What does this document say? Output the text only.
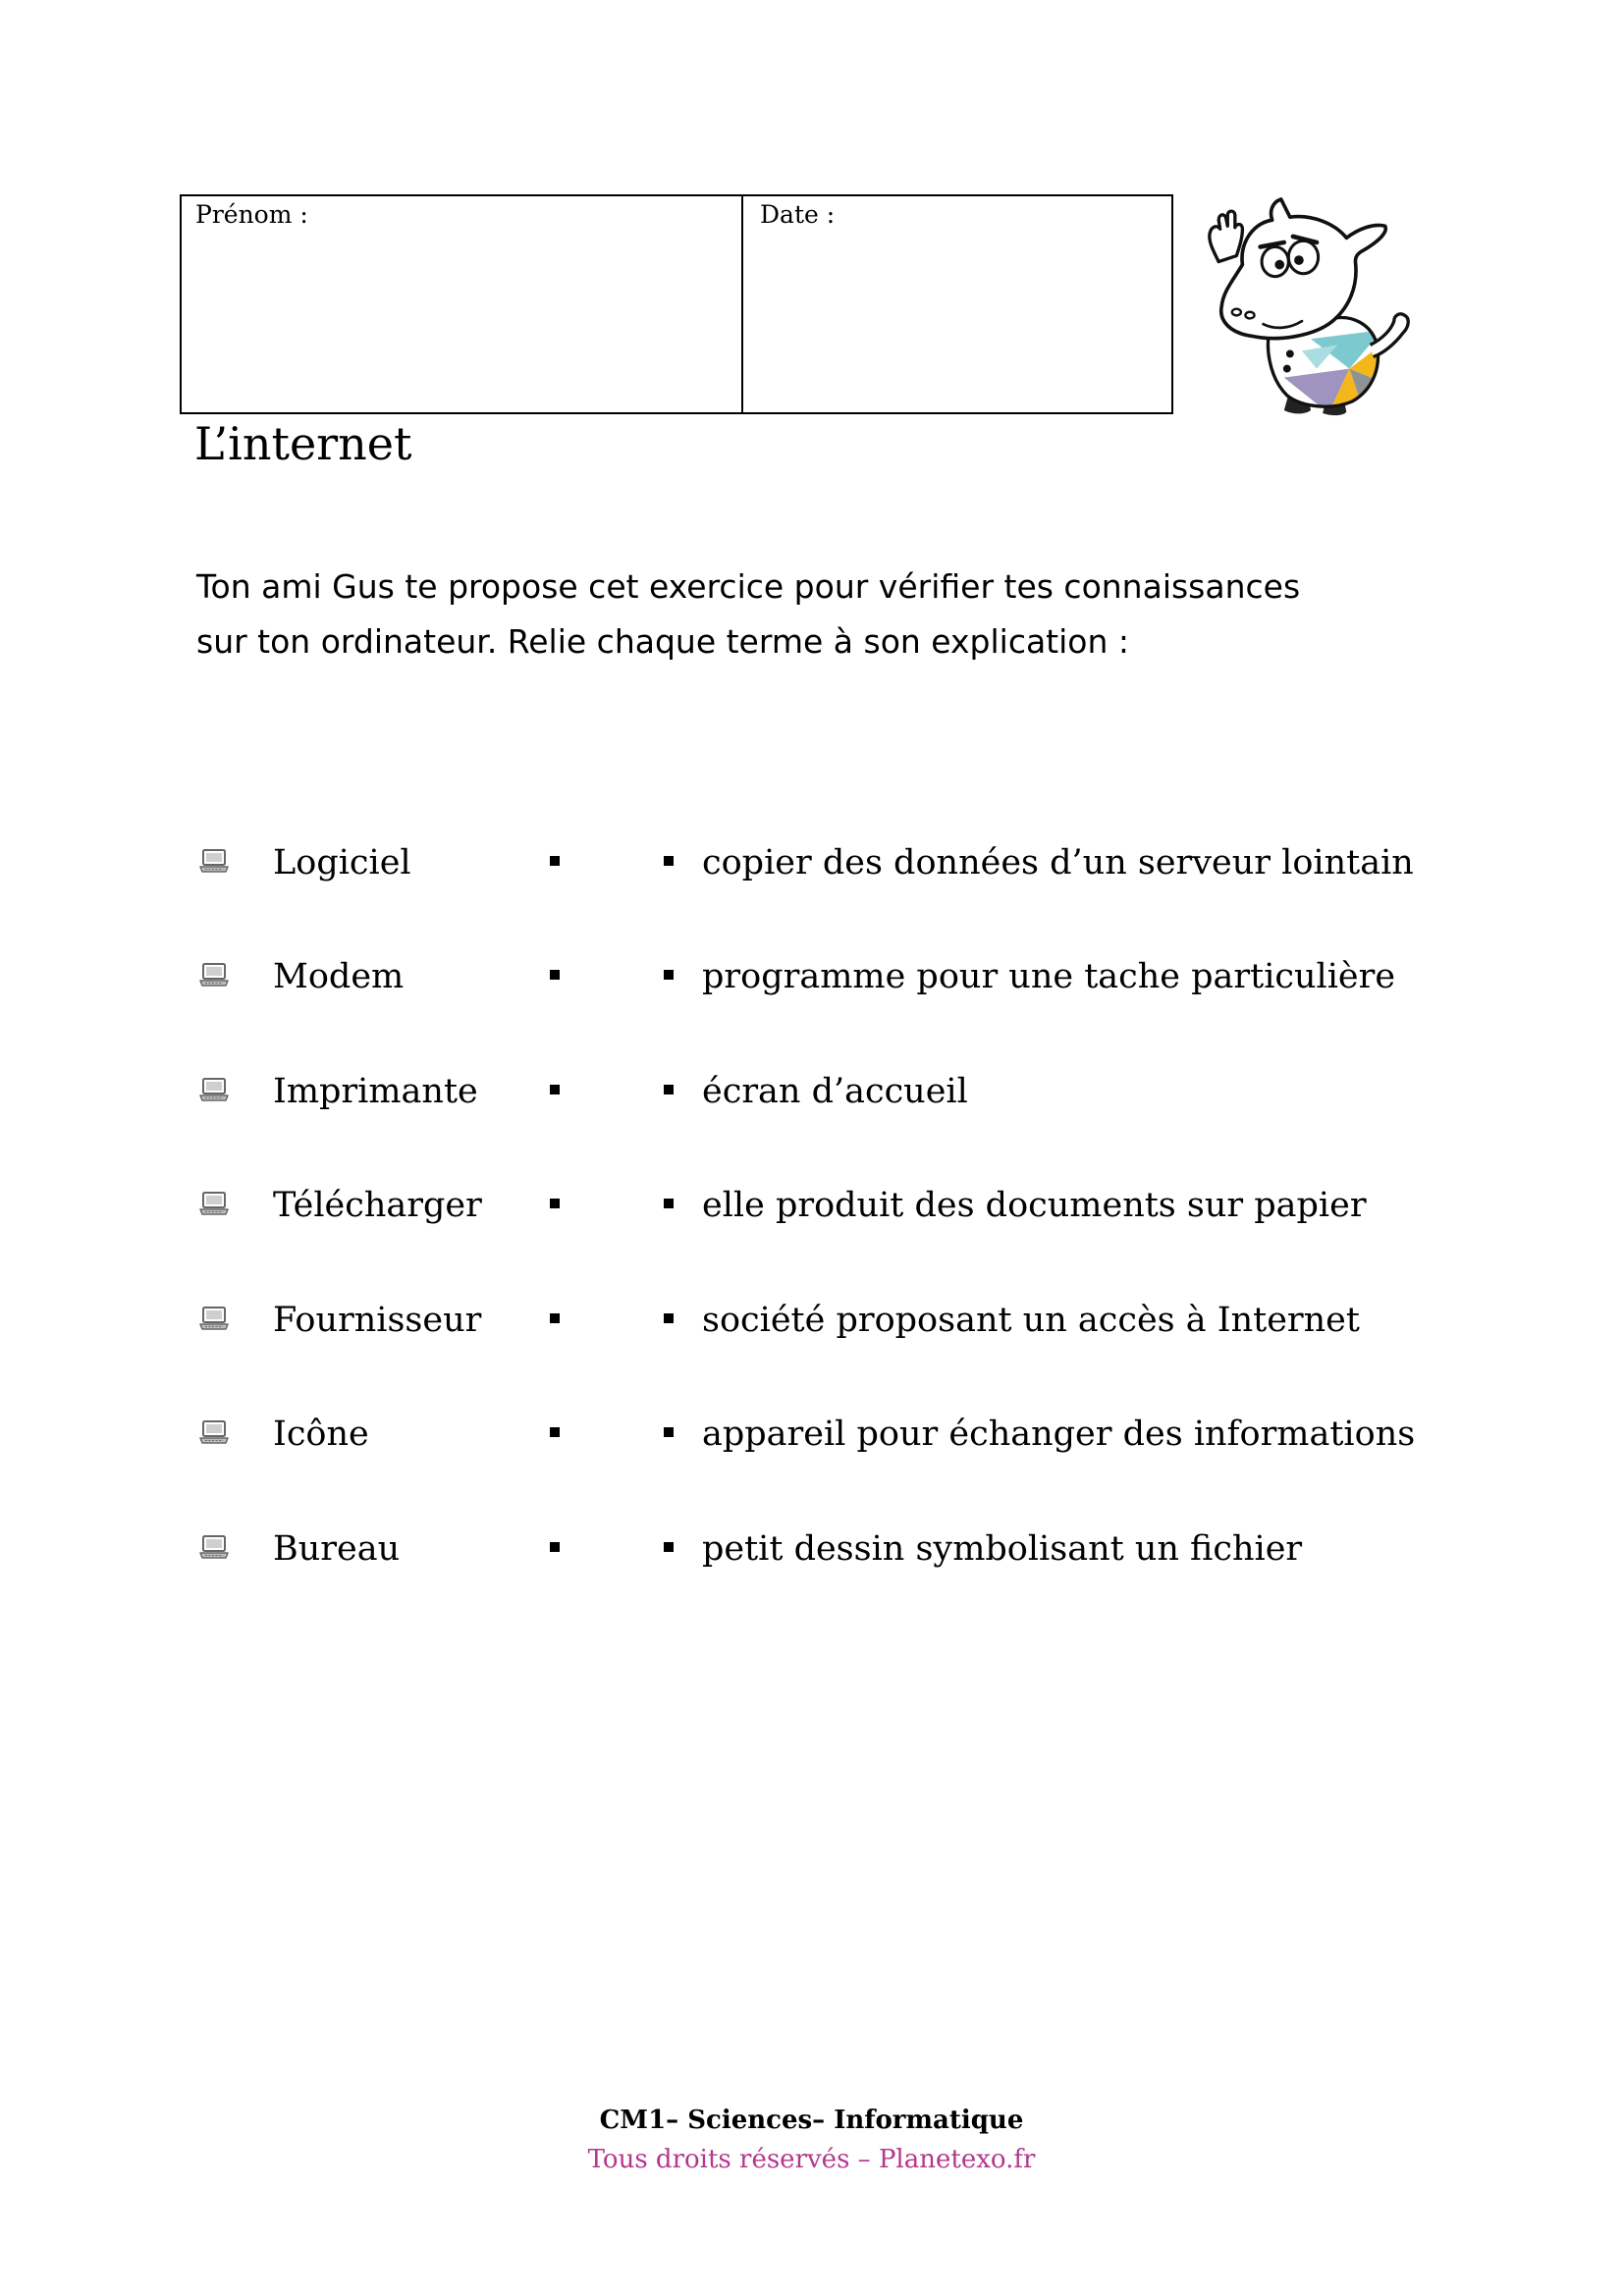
Prénom :	Date :
L’internet
Ton ami Gus te propose cet exercice pour vérifier tes connaissances
sur ton ordinateur. Relie chaque terme à son explication :
Logiciel	copier des données d’un serveur lointain
Modem	programme pour une tache particulière
Imprimante	écran d’accueil
Télécharger	elle produit des documents sur papier
Fournisseur	société proposant un accès à Internet
Icône	appareil pour échanger des informations
Bureau	petit dessin symbolisant un fichier
CM1– Sciences– Informatique
Tous droits réservés – Planetexo.fr
